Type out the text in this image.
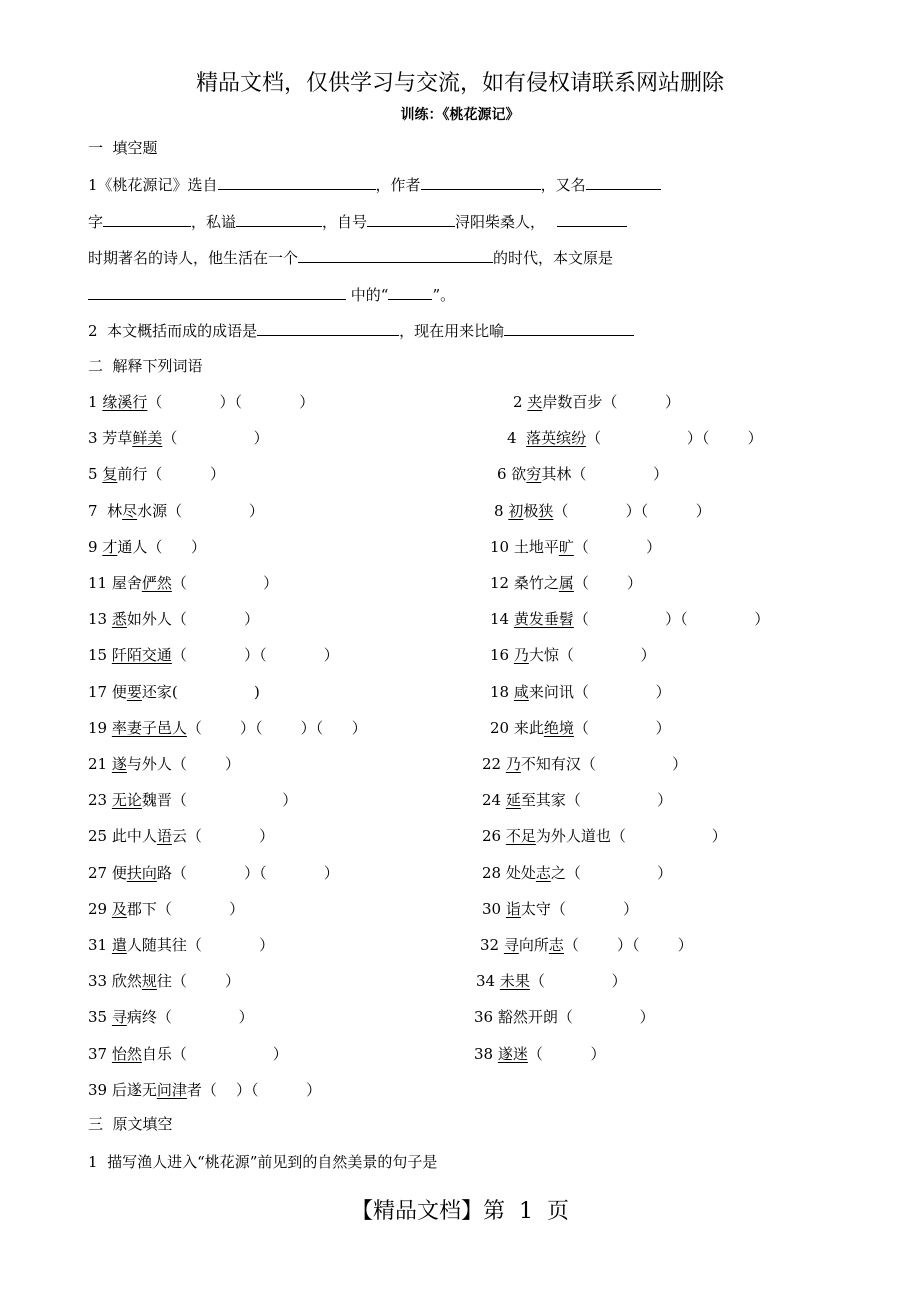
精品文档，仅供学习与交流，如有侵权请联系网站删除
训练：《桃花源记》
一  填空题
1《桃花源记》选自	，作者	，又名
字	，私谥	，自号	浔阳柴桑人，
时期著名的诗人，他生活在一个	的时代，本文原是
中的“	”。
2  本文概括而成的成语是	，现在用来比喻
二  解释下列词语
1 缘溪行（            ）（            ）	2 夹岸数百步（          ）
3 芳草鲜美（                ）	4  落英缤纷（                  ）（        ）
5 复前行（          ）	6 欲穷其林（              ）
7  林尽水源（              ）	8 初极狭（            ）（          ）
9 才通人（      ）	10 土地平旷（            ）
11 屋舍俨然（                ）	12 桑竹之属（        ）
13 悉如外人（            ）	14 黄发垂髫（                ）（              ）
15 阡陌交通（            ）（            ）	16 乃大惊（              ）
17 便要还家(                )	18 咸来问讯（              ）
19 率妻子邑人（        ）（        ）（      ）	20 来此绝境（              ）
21 遂与外人（        ）	22 乃不知有汉（                ）
23 无论魏晋（                    ）	24 延至其家（                ）
25 此中人语云（            ）	26 不足为外人道也（                  ）
27 便扶向路（            ）（            ）	28 处处志之（                ）
29 及郡下（            ）	30 诣太守（            ）
31 遣人随其往（            ）	32 寻向所志（        ）（        ）
33 欣然规往（        ）	34 未果（              ）
35 寻病终（              ）	36 豁然开朗（              ）
37 怡然自乐（                  ）	38 遂迷（          ）
39 后遂无问津者（    ）（          ）
三  原文填空
1  描写渔人进入“桃花源”前见到的自然美景的句子是
【精品文档】第  1  页
